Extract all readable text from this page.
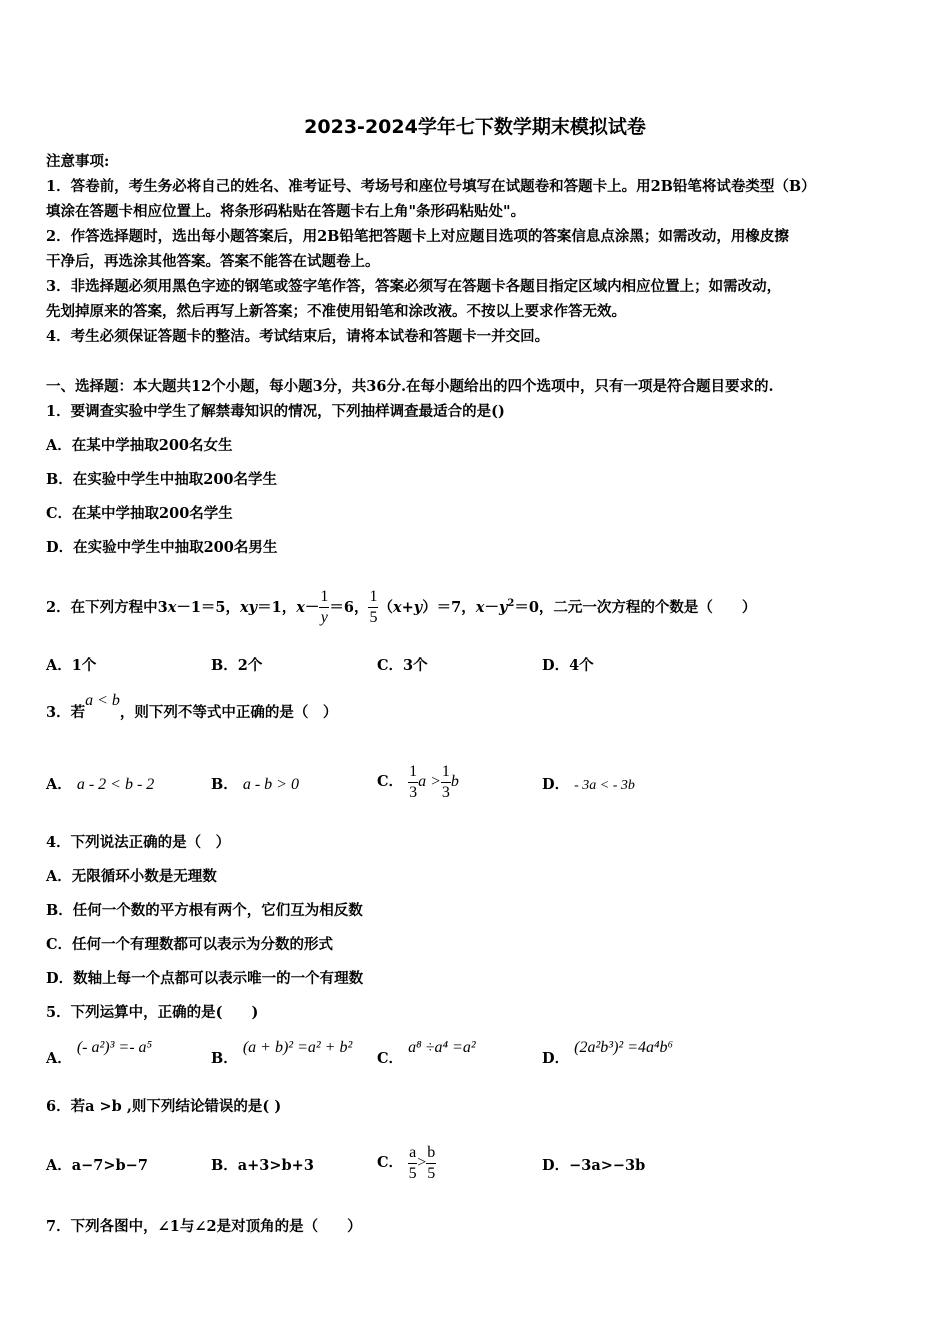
2023-2024学年七下数学期末模拟试卷
注意事项:
1．答卷前，考生务必将自己的姓名、准考证号、考场号和座位号填写在试题卷和答题卡上。用2B铅笔将试卷类型（B）
填涂在答题卡相应位置上。将条形码粘贴在答题卡右上角"条形码粘贴处"。
2．作答选择题时，选出每小题答案后，用2B铅笔把答题卡上对应题目选项的答案信息点涂黑；如需改动，用橡皮擦
干净后，再选涂其他答案。答案不能答在试题卷上。
3．非选择题必须用黑色字迹的钢笔或签字笔作答，答案必须写在答题卡各题目指定区域内相应位置上；如需改动，
先划掉原来的答案，然后再写上新答案；不准使用铅笔和涂改液。不按以上要求作答无效。
4．考生必须保证答题卡的整洁。考试结束后，请将本试卷和答题卡一并交回。
一、选择题：本大题共12个小题，每小题3分，共36分.在每小题给出的四个选项中，只有一项是符合题目要求的.
1．要调查实验中学生了解禁毒知识的情况，下列抽样调查最适合的是()
A．在某中学抽取200名女生
B．在实验中学生中抽取200名学生
C．在某中学抽取200名学生
D．在实验中学生中抽取200名男生
2．在下列方程中3x－1＝5，xy＝1，$x- \frac{1}{y} =6$， $\frac{1}{5} (x+y)=7$，$x-y^2=0$，二元一次方程的个数是（　　）
A．1个	B．2个	C．3个	D．4个
3．若a < b，则下列不等式中正确的是（　）
A． a - 2 < b - 2	B． a - b > 0	C． $\frac{1}{3}$ $a > \frac{1}{3}$ b	D． - 3a < - 3b
4．下列说法正确的是（　）
A．无限循环小数是无理数
B．任何一个数的平方根有两个，它们互为相反数
C．任何一个有理数都可以表示为分数的形式
D．数轴上每一个点都可以表示唯一的一个有理数
5．下列运算中，正确的是(　　)
A． (- a²)³ =- a⁵
B． (a + b)² =a² + b²
C． a⁸ ÷a⁴ =a²
D． (2a²b³)² =4a⁴b⁶
6．若a >b ,则下列结论错误的是( )
A．a−7>b−7	B．a+3>b+3	C． $\frac{a}{5} > \frac{b}{5}$	D．−3a>−3b
7．下列各图中，∠1与∠2是对顶角的是（　　）
